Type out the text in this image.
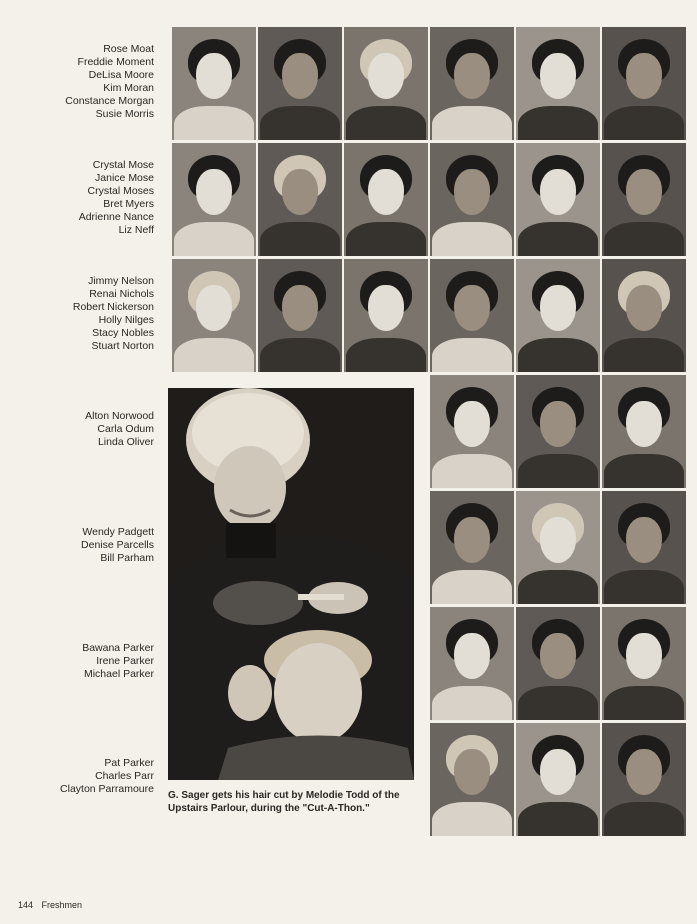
Rose Moat
Freddie Moment
DeLisa Moore
Kim Moran
Constance Morgan
Susie Morris
Crystal Mose
Janice Mose
Crystal Moses
Bret Myers
Adrienne Nance
Liz Neff
Jimmy Nelson
Renai Nichols
Robert Nickerson
Holly Nilges
Stacy Nobles
Stuart Norton
Alton Norwood
Carla Odum
Linda Oliver
Wendy Padgett
Denise Parcells
Bill Parham
Bawana Parker
Irene Parker
Michael Parker
Pat Parker
Charles Parr
Clayton Parramoure
G. Sager gets his hair cut by Melodie Todd of the Upstairs Parlour, during the "Cut-A-Thon."
144 Freshmen
